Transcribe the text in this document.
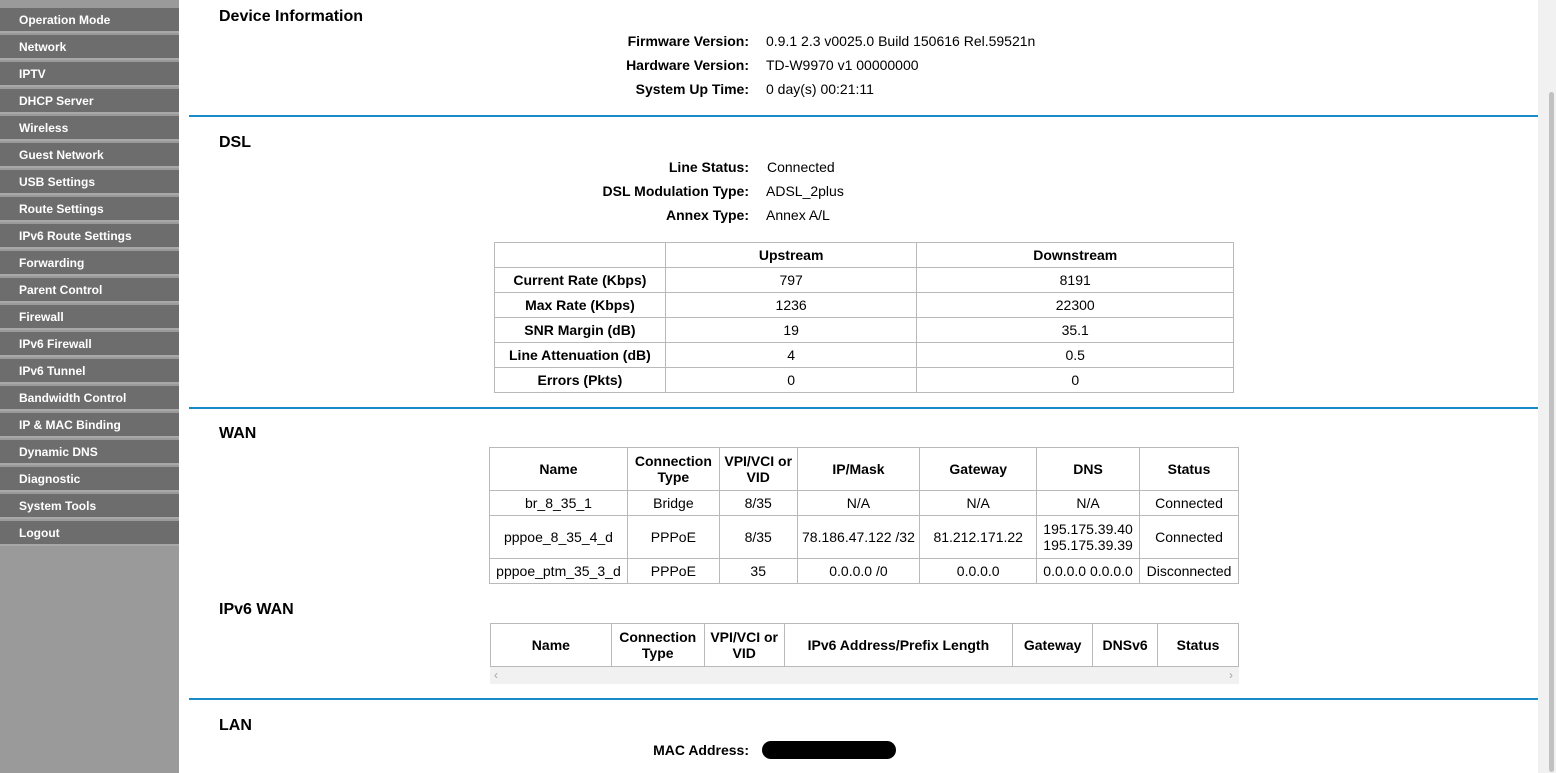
Operation Mode
Network
IPTV
DHCP Server
Wireless
Guest Network
USB Settings
Route Settings
IPv6 Route Settings
Forwarding
Parent Control
Firewall
IPv6 Firewall
IPv6 Tunnel
Bandwidth Control
IP & MAC Binding
Dynamic DNS
Diagnostic
System Tools
Logout
Device Information
Firmware Version: 0.9.1 2.3 v0025.0 Build 150616 Rel.59521n
Hardware Version: TD-W9970 v1 00000000
System Up Time: 0 day(s) 00:21:11
DSL
Line Status: Connected
DSL Modulation Type: ADSL_2plus
Annex Type: Annex A/L
	Upstream	Downstream
Current Rate (Kbps)	797	8191
Max Rate (Kbps)	1236	22300
SNR Margin (dB)	19	35.1
Line Attenuation (dB)	4	0.5
Errors (Pkts)	0	0
WAN
Name	Connection Type	VPI/VCI or VID	IP/Mask	Gateway	DNS	Status
br_8_35_1	Bridge	8/35	N/A	N/A	N/A	Connected
pppoe_8_35_4_d	PPPoE	8/35	78.186.47.122 /32	81.212.171.22	195.175.39.40 195.175.39.39	Connected
pppoe_ptm_35_3_d	PPPoE	35	0.0.0.0 /0	0.0.0.0	0.0.0.0 0.0.0.0	Disconnected
IPv6 WAN
Name	Connection Type	VPI/VCI or VID	IPv6 Address/Prefix Length	Gateway	DNSv6	Status
LAN
MAC Address:
‹	›
